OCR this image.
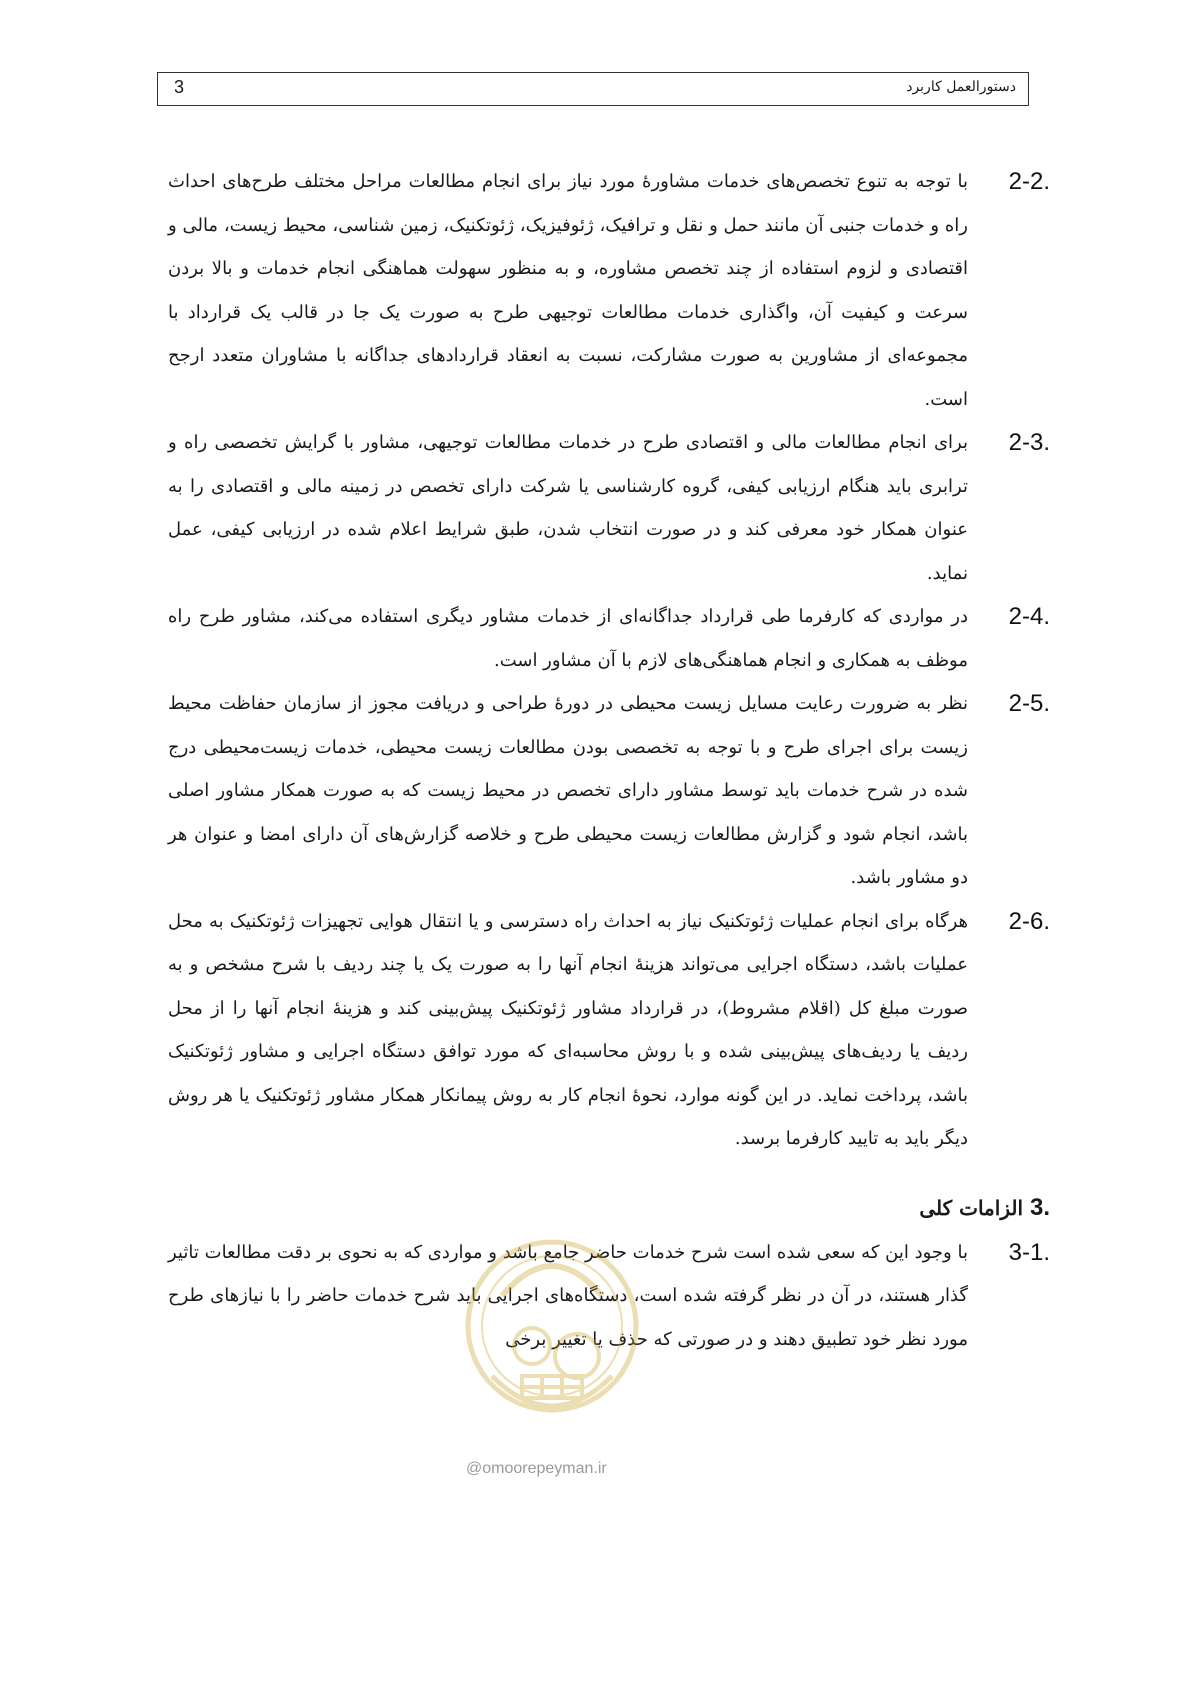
3	دستورالعمل کاربرد

2-2.
با توجه به تنوع تخصص‌های خدمات مشاورهٔ مورد نیاز برای انجام مطالعات مراحل مختلف طرح‌های احداث راه و خدمات جنبی آن مانند حمل و نقل و ترافیک، ژئوفیزیک، ژئوتکنیک، زمین شناسی، محیط زیست، مالی و اقتصادی و لزوم استفاده از چند تخصص مشاوره، و به منظور سهولت هماهنگی انجام خدمات و بالا بردن سرعت و کیفیت آن، واگذاری خدمات مطالعات توجیهی طرح به صورت یک جا در قالب یک قرارداد با مجموعه‌ای از مشاورین به صورت مشارکت، نسبت به انعقاد قراردادهای جداگانه با مشاوران متعدد ارجح است.

2-3.
برای انجام مطالعات مالی و اقتصادی طرح در خدمات مطالعات توجیهی، مشاور با گرایش تخصصی راه و ترابری باید هنگام ارزیابی کیفی، گروه کارشناسی یا شرکت دارای تخصص در زمینه مالی و اقتصادی را به عنوان همکار خود معرفی کند و در صورت انتخاب شدن، طبق شرایط اعلام شده در ارزیابی کیفی، عمل نماید.

2-4.
در مواردی که کارفرما طی قرارداد جداگانه‌ای از خدمات مشاور دیگری استفاده می‌کند، مشاور طرح راه موظف به همکاری و انجام هماهنگی‌های لازم با آن مشاور است.

2-5.
نظر به ضرورت رعایت مسایل زیست محیطی در دورهٔ طراحی و دریافت مجوز از سازمان حفاظت محیط زیست برای اجرای طرح و با توجه به تخصصی بودن مطالعات زیست محیطی، خدمات زیست‌محیطی درج شده در شرح خدمات باید توسط مشاور دارای تخصص در محیط زیست که به صورت همکار مشاور اصلی باشد، انجام شود و گزارش مطالعات زیست محیطی طرح و خلاصه گزارش‌های آن دارای امضا و عنوان هر دو مشاور باشد.

2-6.
هرگاه برای انجام عملیات ژئوتکنیک نیاز به احداث راه دسترسی و یا انتقال هوایی تجهیزات ژئوتکنیک به محل عملیات باشد، دستگاه اجرایی می‌تواند هزینهٔ انجام آنها را به صورت یک یا چند ردیف با شرح مشخص و به صورت مبلغ کل (اقلام مشروط)، در قرارداد مشاور ژئوتکنیک پیش‌بینی کند و هزینهٔ انجام آنها را از محل ردیف یا ردیف‌های پیش‌بینی شده و با روش محاسبه‌ای که مورد توافق دستگاه اجرایی و مشاور ژئوتکنیک باشد، پرداخت نماید. در این گونه موارد، نحوهٔ انجام کار به روش پیمانکار همکار مشاور ژئوتکنیک یا هر روش دیگر باید به تایید کارفرما برسد.

3. الزامات کلی

3-1.
با وجود این که سعی شده است شرح خدمات حاضر جامع باشد و مواردی که به نحوی بر دقت مطالعات تاثیر گذار هستند، در آن در نظر گرفته شده است، دستگاه‌های اجرایی باید شرح خدمات حاضر را با نیازهای طرح مورد نظر خود تطبیق دهند و در صورتی که حذف یا تغییر برخی

@omoorepeyman.ir
